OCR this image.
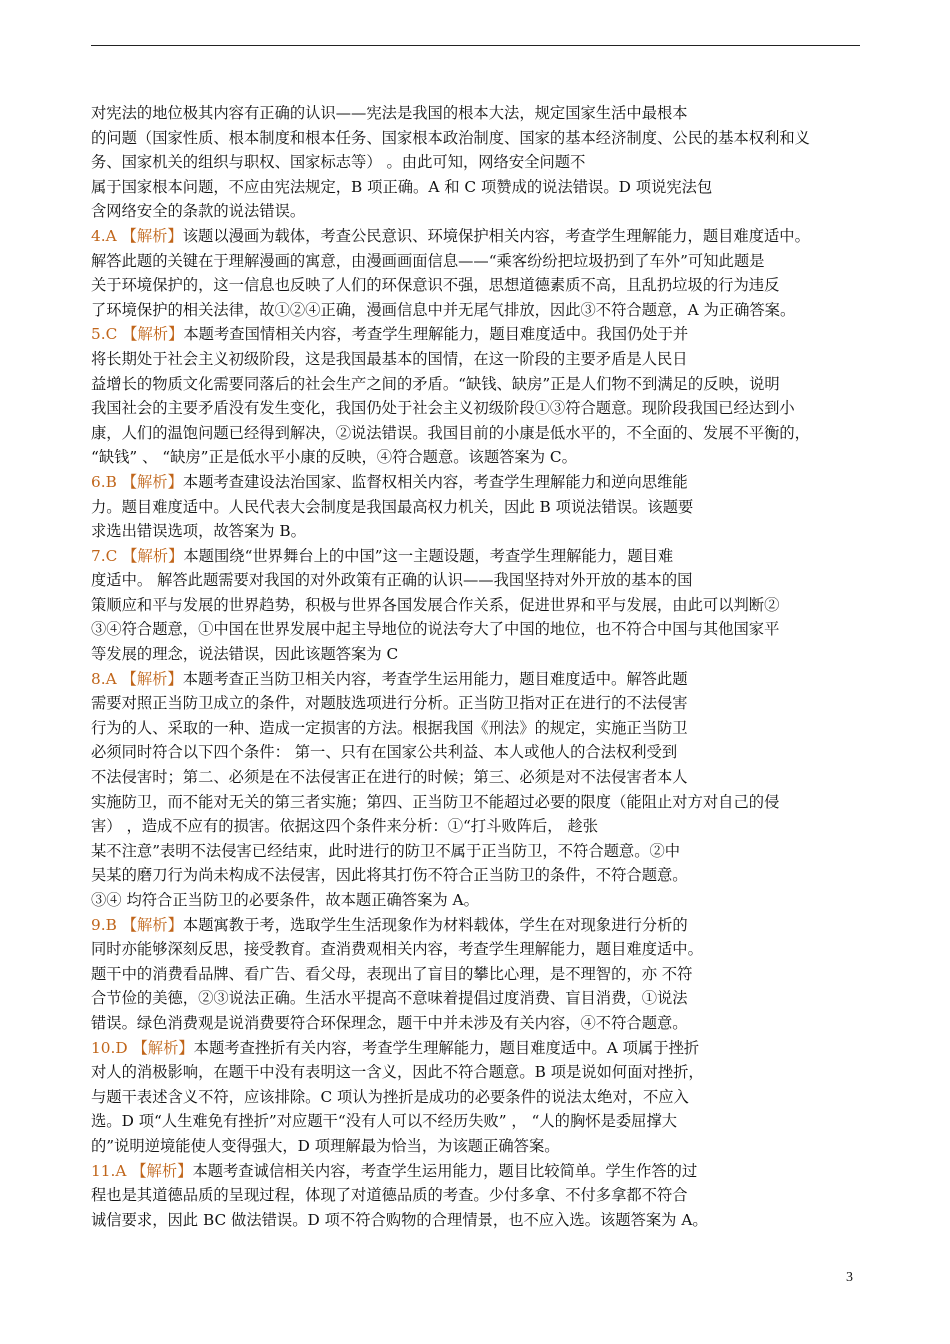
对宪法的地位极其内容有正确的认识——宪法是我国的根本大法，规定国家生活中最根本
的问题（国家性质、根本制度和根本任务、国家根本政治制度、国家的基本经济制度、公民的基本权利和义
务、国家机关的组织与职权、国家标志等） 。由此可知，网络安全问题不
属于国家根本问题，不应由宪法规定，B 项正确。A 和 C 项赞成的说法错误。D 项说宪法包
含网络安全的条款的说法错误。
4.A 【解析】该题以漫画为载体，考查公民意识、环境保护相关内容，考查学生理解能力，题目难度适中。
解答此题的关键在于理解漫画的寓意，由漫画画面信息——“乘客纷纷把垃圾扔到了车外”可知此题是
关于环境保护的，这一信息也反映了人们的环保意识不强，思想道德素质不高，且乱扔垃圾的行为违反
了环境保护的相关法律，故①②④正确，漫画信息中并无尾气排放，因此③不符合题意，A 为正确答案。
5.C 【解析】本题考查国情相关内容，考查学生理解能力，题目难度适中。我国仍处于并
将长期处于社会主义初级阶段，这是我国最基本的国情，在这一阶段的主要矛盾是人民日
益增长的物质文化需要同落后的社会生产之间的矛盾。“缺钱、缺房”正是人们物不到满足的反映，说明
我国社会的主要矛盾没有发生变化，我国仍处于社会主义初级阶段①③符合题意。现阶段我国已经达到小
康，人们的温饱问题已经得到解决，②说法错误。我国目前的小康是低水平的，不全面的、发展不平衡的，
“缺钱” 、 “缺房”正是低水平小康的反映，④符合题意。该题答案为 C。
6.B 【解析】本题考查建设法治国家、监督权相关内容，考查学生理解能力和逆向思维能
力。题目难度适中。人民代表大会制度是我国最高权力机关，因此 B 项说法错误。该题要
求选出错误选项，故答案为 B。
7.C 【解析】本题围绕“世界舞台上的中国”这一主题设题，考查学生理解能力，题目难
度适中。 解答此题需要对我国的对外政策有正确的认识——我国坚持对外开放的基本的国
策顺应和平与发展的世界趋势，积极与世界各国发展合作关系，促进世界和平与发展，由此可以判断②
③④符合题意，①中国在世界发展中起主导地位的说法夸大了中国的地位，也不符合中国与其他国家平
等发展的理念，说法错误，因此该题答案为 C
8.A 【解析】本题考查正当防卫相关内容，考查学生运用能力，题目难度适中。解答此题
需要对照正当防卫成立的条件，对题肢选项进行分析。正当防卫指对正在进行的不法侵害
行为的人、采取的一种、造成一定损害的方法。根据我国《刑法》的规定，实施正当防卫
必须同时符合以下四个条件： 第一、只有在国家公共利益、本人或他人的合法权利受到
不法侵害时；第二、必须是在不法侵害正在进行的时候；第三、必须是对不法侵害者本人
实施防卫，而不能对无关的第三者实施；第四、正当防卫不能超过必要的限度（能阻止对方对自己的侵
害） ，造成不应有的损害。依据这四个条件来分析：①“打斗败阵后， 趁张
某不注意”表明不法侵害已经结束，此时进行的防卫不属于正当防卫，不符合题意。②中
吴某的磨刀行为尚未构成不法侵害，因此将其打伤不符合正当防卫的条件，不符合题意。
③④ 均符合正当防卫的必要条件，故本题正确答案为 A。
9.B 【解析】本题寓教于考，选取学生生活现象作为材料载体，学生在对现象进行分析的
同时亦能够深刻反思，接受教育。查消费观相关内容，考查学生理解能力，题目难度适中。
题干中的消费看品牌、看广告、看父母，表现出了盲目的攀比心理，是不理智的，亦 不符
合节俭的美德，②③说法正确。生活水平提高不意味着提倡过度消费、盲目消费，①说法
错误。绿色消费观是说消费要符合环保理念，题干中并未涉及有关内容，④不符合题意。
10.D 【解析】本题考查挫折有关内容，考查学生理解能力，题目难度适中。A 项属于挫折
对人的消极影响，在题干中没有表明这一含义，因此不符合题意。B 项是说如何面对挫折，
与题干表述含义不符，应该排除。C 项认为挫折是成功的必要条件的说法太绝对，不应入
选。D 项“人生难免有挫折”对应题干“没有人可以不经历失败” ， “人的胸怀是委屈撑大
的”说明逆境能使人变得强大，D 项理解最为恰当，为该题正确答案。
11.A 【解析】本题考查诚信相关内容，考查学生运用能力，题目比较简单。学生作答的过
程也是其道德品质的呈现过程，体现了对道德品质的考查。少付多拿、不付多拿都不符合
诚信要求，因此 BC 做法错误。D 项不符合购物的合理情景，也不应入选。该题答案为 A。
3
